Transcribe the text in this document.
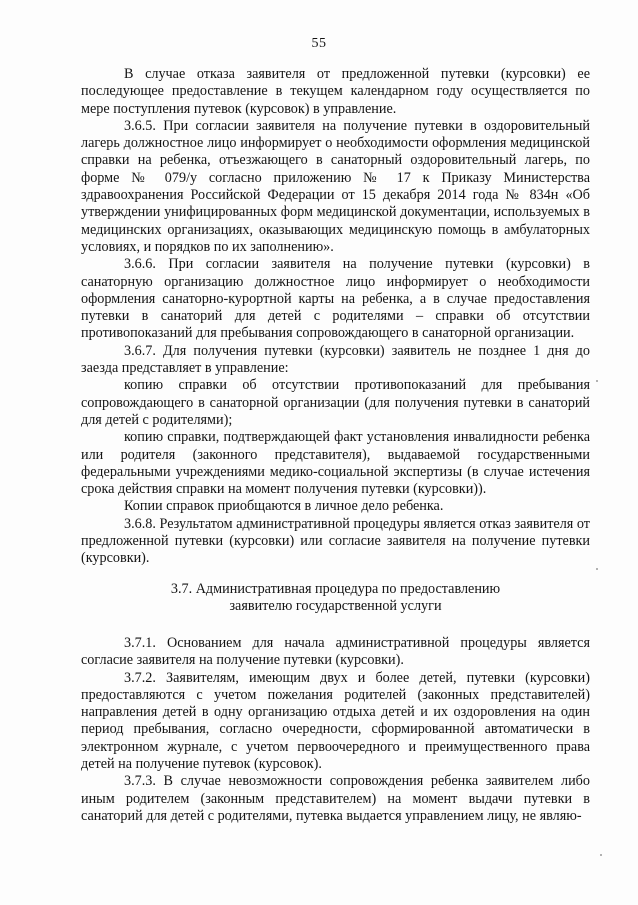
55

В случае отказа заявителя от предложенной путевки (курсовки) ее последующее предоставление в текущем календарном году осуществляется по мере поступления путевок (курсовок) в управление.

3.6.5. При согласии заявителя на получение путевки в оздоровительный лагерь должностное лицо информирует о необходимости оформления медицинской справки на ребенка, отъезжающего в санаторный оздоровительный лагерь, по форме № 079/у согласно приложению № 17 к Приказу Министерства здравоохранения Российской Федерации от 15 декабря 2014 года № 834н «Об утверждении унифицированных форм медицинской документации, используемых в медицинских организациях, оказывающих медицинскую помощь в амбулаторных условиях, и порядков по их заполнению».

3.6.6. При согласии заявителя на получение путевки (курсовки) в санаторную организацию должностное лицо информирует о необходимости оформления санаторно-курортной карты на ребенка, а в случае предоставления путевки в санаторий для детей с родителями – справки об отсутствии противопоказаний для пребывания сопровождающего в санаторной организации.

3.6.7. Для получения путевки (курсовки) заявитель не позднее 1 дня до заезда представляет в управление:

копию справки об отсутствии противопоказаний для пребывания сопровождающего в санаторной организации (для получения путевки в санаторий для детей с родителями);

копию справки, подтверждающей факт установления инвалидности ребенка или родителя (законного представителя), выдаваемой государственными федеральными учреждениями медико-социальной экспертизы (в случае истечения срока действия справки на момент получения путевки (курсовки)).

Копии справок приобщаются в личное дело ребенка.

3.6.8. Результатом административной процедуры является отказ заявителя от предложенной путевки (курсовки) или согласие заявителя на получение путевки (курсовки).

3.7. Административная процедура по предоставлению
заявителю государственной услуги

3.7.1. Основанием для начала административной процедуры является согласие заявителя на получение путевки (курсовки).

3.7.2. Заявителям, имеющим двух и более детей, путевки (курсовки) предоставляются с учетом пожелания родителей (законных представителей) направления детей в одну организацию отдыха детей и их оздоровления на один период пребывания, согласно очередности, сформированной автоматически в электронном журнале, с учетом первоочередного и преимущественного права детей на получение путевок (курсовок).

3.7.3. В случае невозможности сопровождения ребенка заявителем либо иным родителем (законным представителем) на момент выдачи путевки в санаторий для детей с родителями, путевка выдается управлением лицу, не являю-
